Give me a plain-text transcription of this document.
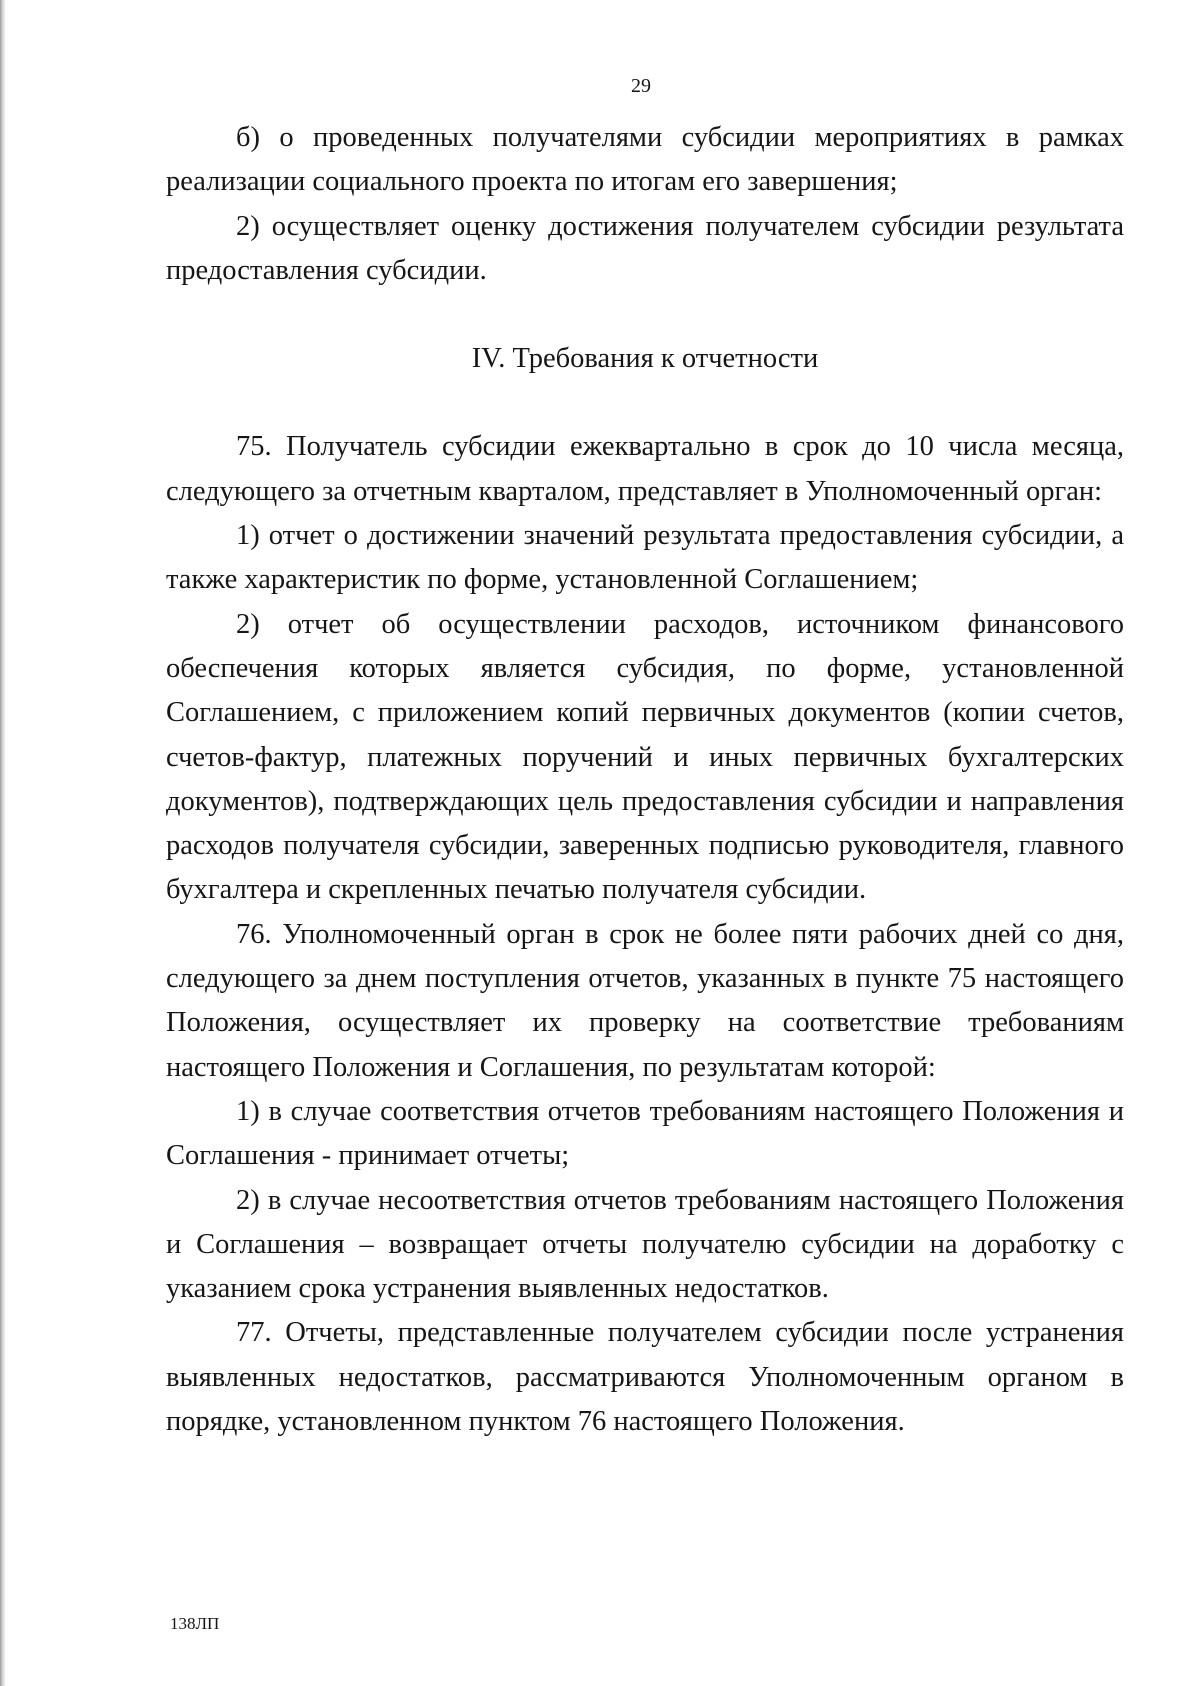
29

б) о проведенных получателями субсидии мероприятиях в рамках реализации социального проекта по итогам его завершения;

2) осуществляет оценку достижения получателем субсидии результата предоставления субсидии.

IV. Требования к отчетности

75. Получатель субсидии ежеквартально в срок до 10 числа месяца, следующего за отчетным кварталом, представляет в Уполномоченный орган:

1) отчет о достижении значений результата предоставления субсидии, а также характеристик по форме, установленной Соглашением;

2) отчет об осуществлении расходов, источником финансового обеспечения которых является субсидия, по форме, установленной Соглашением, с приложением копий первичных документов (копии счетов, счетов-фактур, платежных поручений и иных первичных бухгалтерских документов), подтверждающих цель предоставления субсидии и направления расходов получателя субсидии, заверенных подписью руководителя, главного бухгалтера и скрепленных печатью получателя субсидии.

76. Уполномоченный орган в срок не более пяти рабочих дней со дня, следующего за днем поступления отчетов, указанных в пункте 75 настоящего Положения, осуществляет их проверку на соответствие требованиям настоящего Положения и Соглашения, по результатам которой:

1) в случае соответствия отчетов требованиям настоящего Положения и Соглашения - принимает отчеты;

2) в случае несоответствия отчетов требованиям настоящего Положения и Соглашения – возвращает отчеты получателю субсидии на доработку с указанием срока устранения выявленных недостатков.

77. Отчеты, представленные получателем субсидии после устранения выявленных недостатков, рассматриваются Уполномоченным органом в порядке, установленном пунктом 76 настоящего Положения.

138ЛП
